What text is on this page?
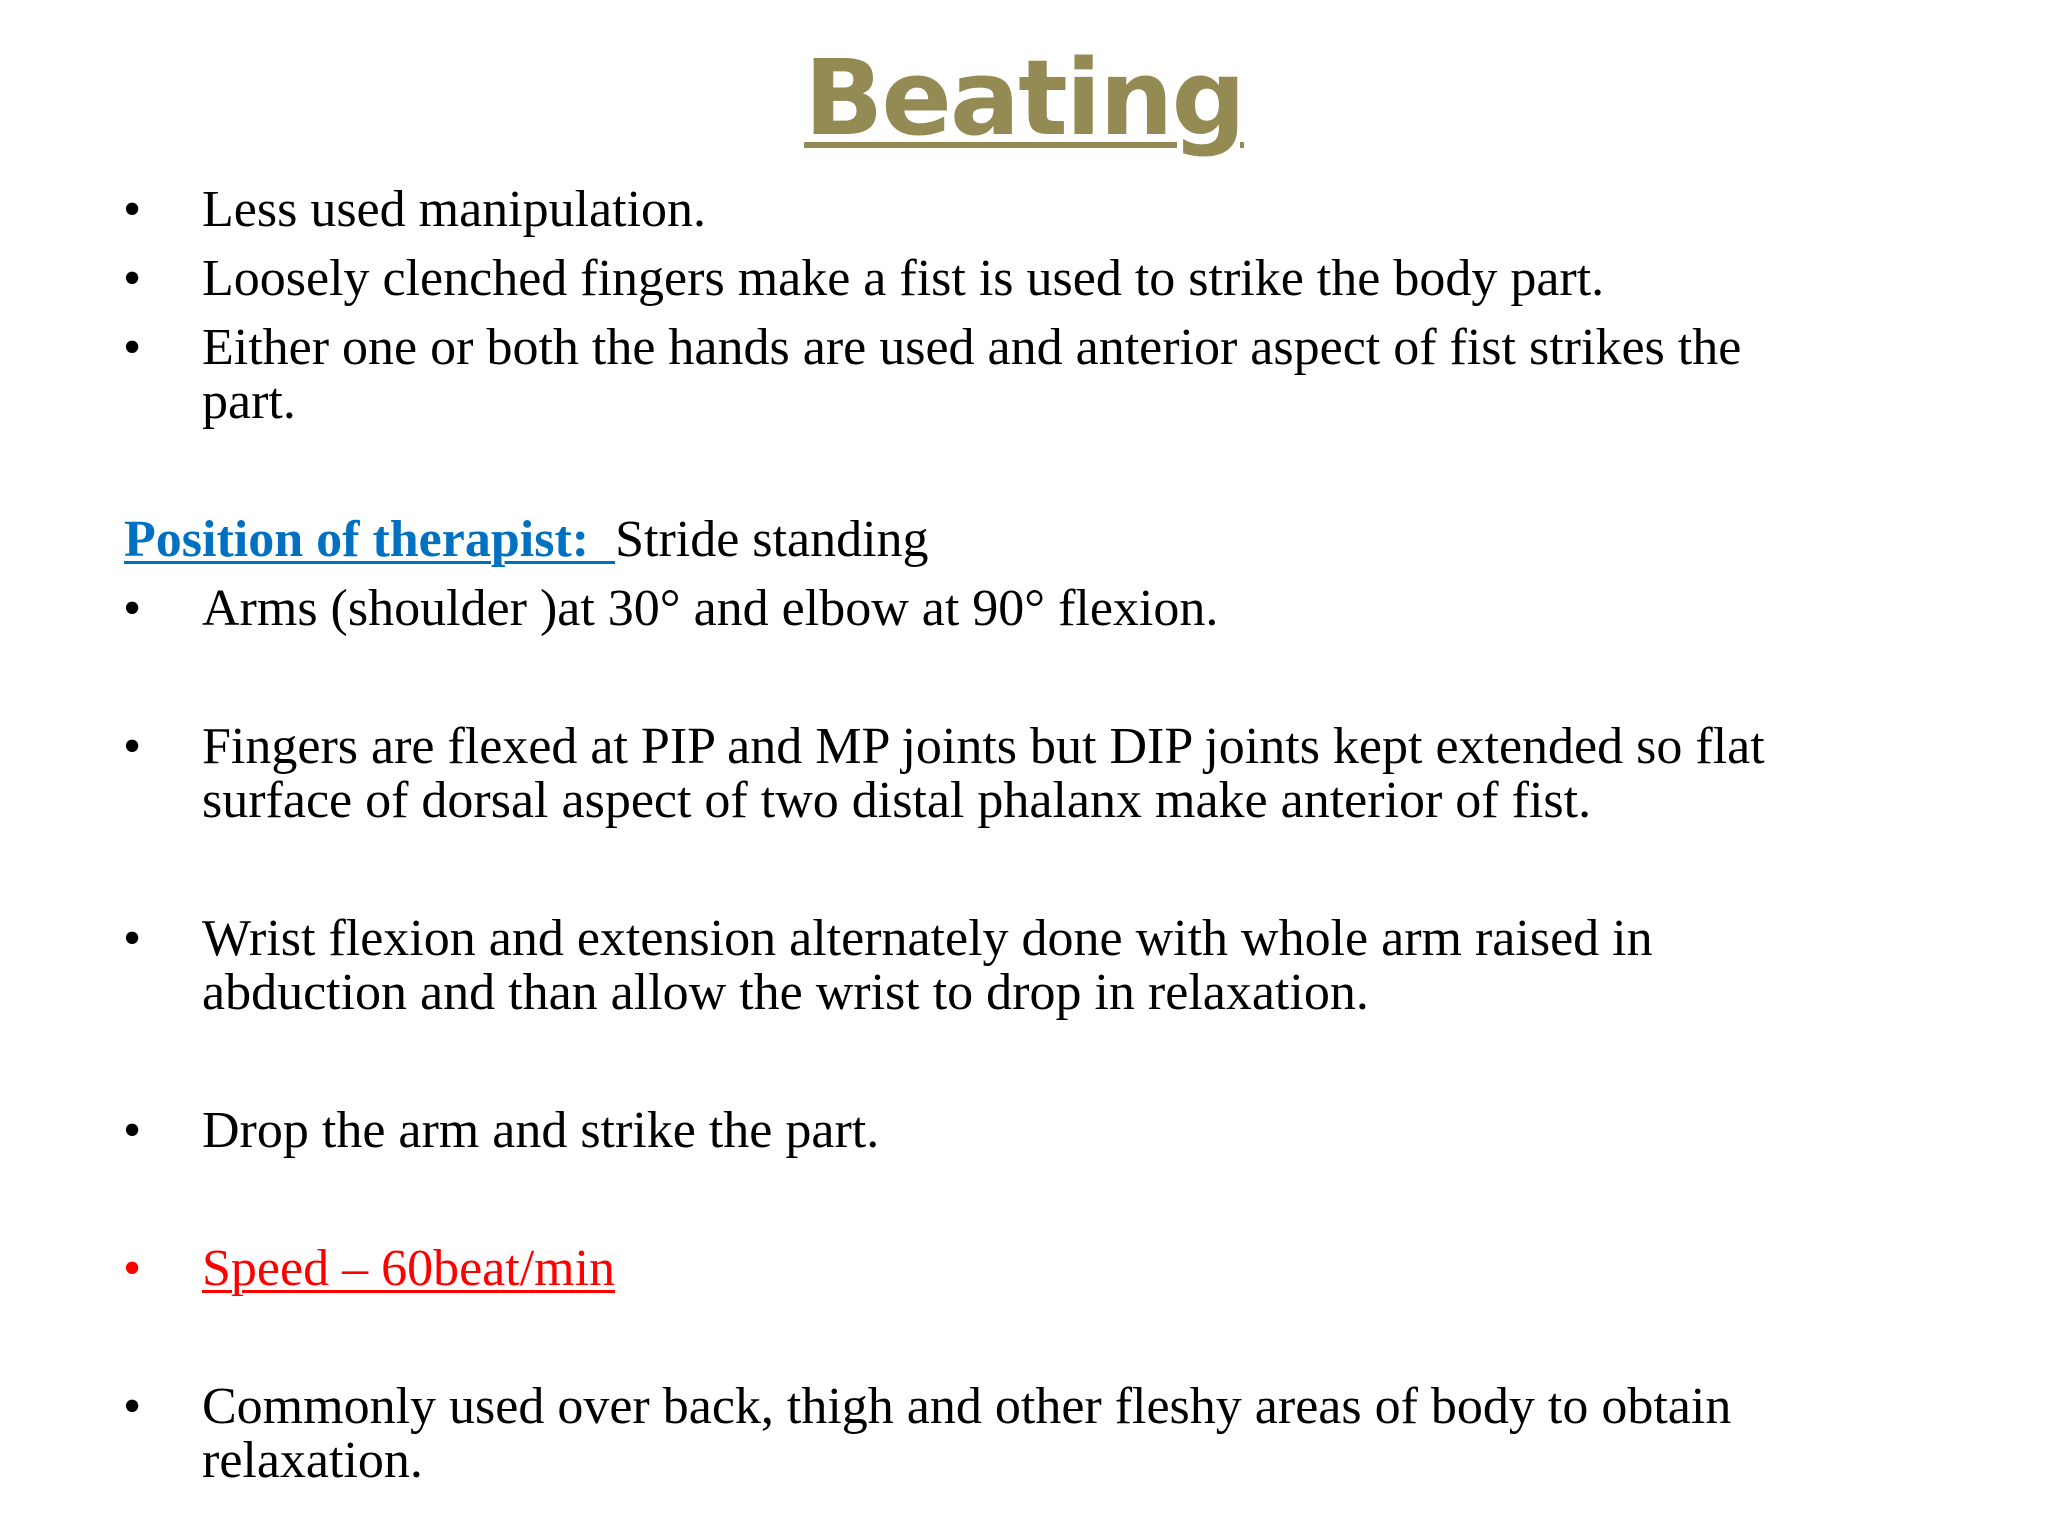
Beating
• Less used manipulation.
• Loosely clenched fingers make a fist is used to strike the body part.
• Either one or both the hands are used and anterior aspect of fist strikes the
part.
Position of therapist:  Stride standing
• Arms (shoulder )at 30° and elbow at 90° flexion.
• Fingers are flexed at PIP and MP joints but DIP joints kept extended so flat
surface of dorsal aspect of two distal phalanx make anterior of fist.
• Wrist flexion and extension alternately done with whole arm raised in
abduction and than allow the wrist to drop in relaxation.
• Drop the arm and strike the part.
• Speed – 60beat/min
• Commonly used over back, thigh and other fleshy areas of body to obtain
relaxation.
